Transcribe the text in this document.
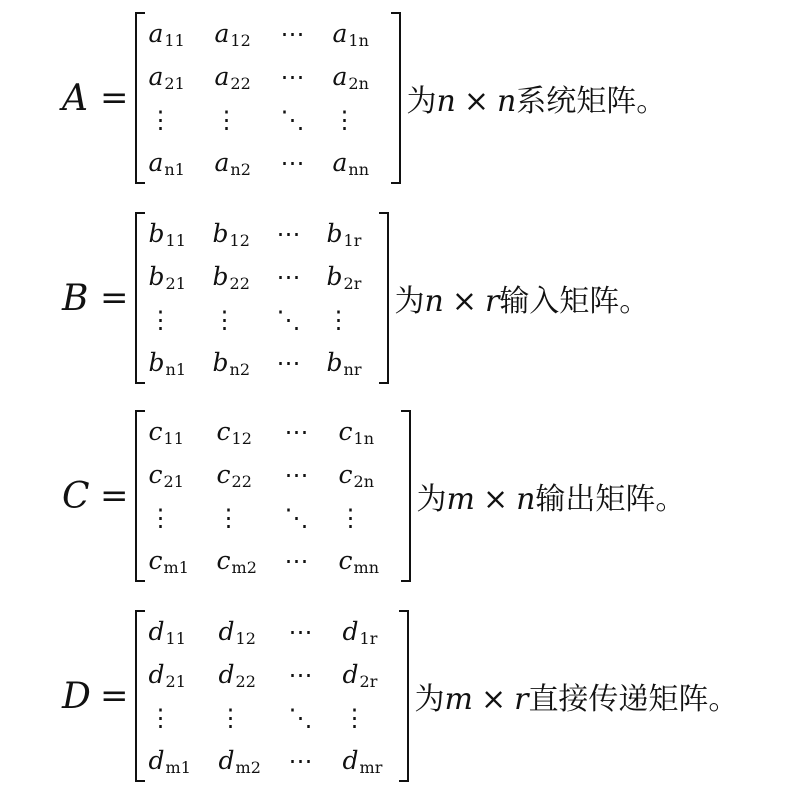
A =
a 11 a 12 ⋯ a 1n
a 21 a 22 ⋯ a 2n
⋮ ⋮ ⋱ ⋮
a n1 a n2 ⋯ a nn
为n × n系统矩阵。
B =
b 11 b 12 ⋯ b 1r
b 21 b 22 ⋯ b 2r
⋮ ⋮ ⋱ ⋮
b n1 b n2 ⋯ b nr
为n × r输入矩阵。
C =
c 11 c 12 ⋯ c 1n
c 21 c 22 ⋯ c 2n
⋮ ⋮ ⋱ ⋮
c m1 c m2 ⋯ c mn
为m × n输出矩阵。
D =
d 11 d 12 ⋯ d 1r
d 21 d 22 ⋯ d 2r
⋮ ⋮ ⋱ ⋮
d m1 d m2 ⋯ d mr
为m × r直接传递矩阵。
